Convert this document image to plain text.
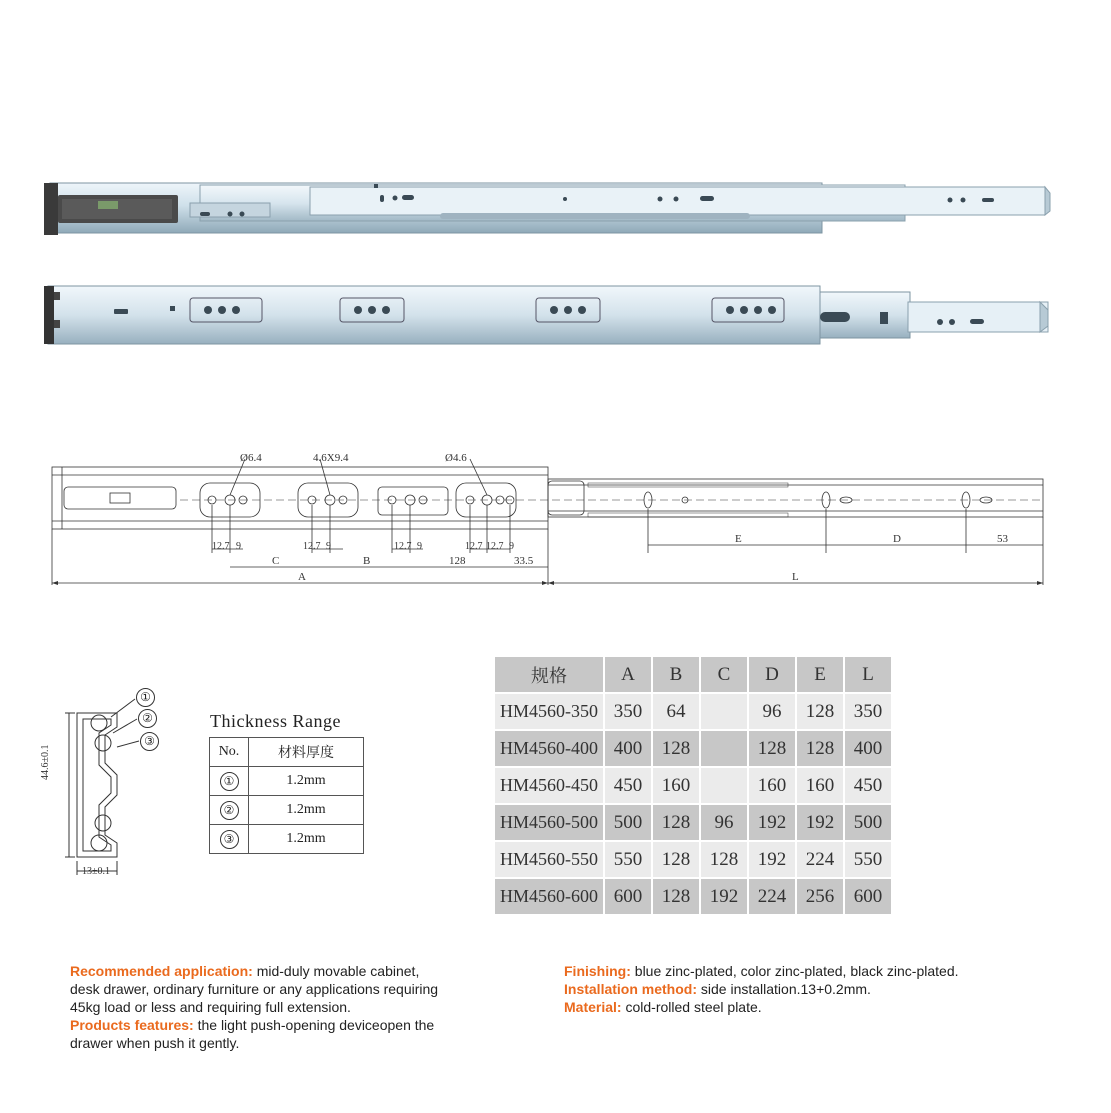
Ø6.4	4.6X9.4	Ø4.6
12.7 9	12.7 9	12.7 9	12.7 12.7 9
C	B	128	33.5
A
E	D	53
L
44.6±0.1
13±0.1
①
②
③
Thickness Range
No.	材料厚度
①	1.2mm
②	1.2mm
③	1.2mm
规格	A	B	C	D	E	L
HM4560-350	350	64		96	128	350
HM4560-400	400	128		128	128	400
HM4560-450	450	160		160	160	450
HM4560-500	500	128	96	192	192	500
HM4560-550	550	128	128	192	224	550
HM4560-600	600	128	192	224	256	600
Recommended application: mid-duly movable cabinet,
desk drawer, ordinary furniture or any applications requiring
45kg load or less and requiring full extension.
Products features: the light push-opening deviceopen the
drawer when push it gently.
Finishing: blue zinc-plated, color zinc-plated, black zinc-plated.
Installation method: side installation.13+0.2mm.
Material: cold-rolled steel plate.
